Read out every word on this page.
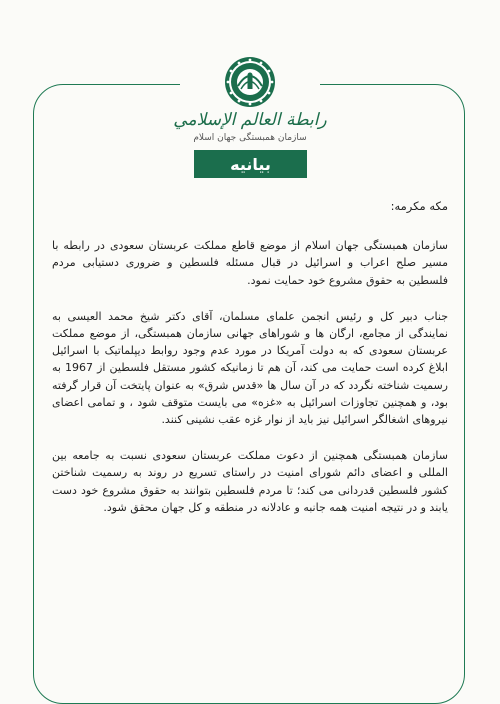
رابطة العالم الإسلامي
سازمان همبستگی جهان اسلام
بیانیه

مکه مکرمه:

سازمان همبستگی جهان اسلام از موضع قاطع مملکت عربستان سعودی در رابطه با مسیر صلح اعراب و اسرائیل در قبال مسئله فلسطین و ضروری دستیابی مردم فلسطین به حقوق مشروع خود حمایت نمود.

جناب دبیر کل و رئیس انجمن علمای مسلمان، آقای دکتر شیخ محمد العیسی به نمایندگی از مجامع، ارگان ها و شوراهای جهانی سازمان همبستگی، از موضع مملکت عربستان سعودی که به دولت آمریکا در مورد عدم وجود روابط دیپلماتیک با اسرائیل ابلاغ کرده است حمایت می کند، آن هم تا زمانیکه کشور مستقل فلسطین از 1967 به رسمیت شناخته نگردد که در آن سال ها «قدس شرق» به عنوان پایتخت آن قرار گرفته بود، و همچنین تجاوزات اسرائیل به «غزه» می بایست متوقف شود ، و تمامی اعضای نیروهای اشغالگر اسرائیل نیز باید از نوار غزه عقب نشینی کنند.

سازمان همبستگی همچنین از دعوت مملکت عربستان سعودی نسبت به جامعه بین المللی و اعضای دائم شورای امنیت در راستای تسریع در روند به رسمیت شناختن کشور فلسطین قدردانی می کند؛ تا مردم فلسطین بتوانند به حقوق مشروع خود دست یابند و در نتیجه امنیت همه جانبه و عادلانه در منطقه و کل جهان محقق شود.
